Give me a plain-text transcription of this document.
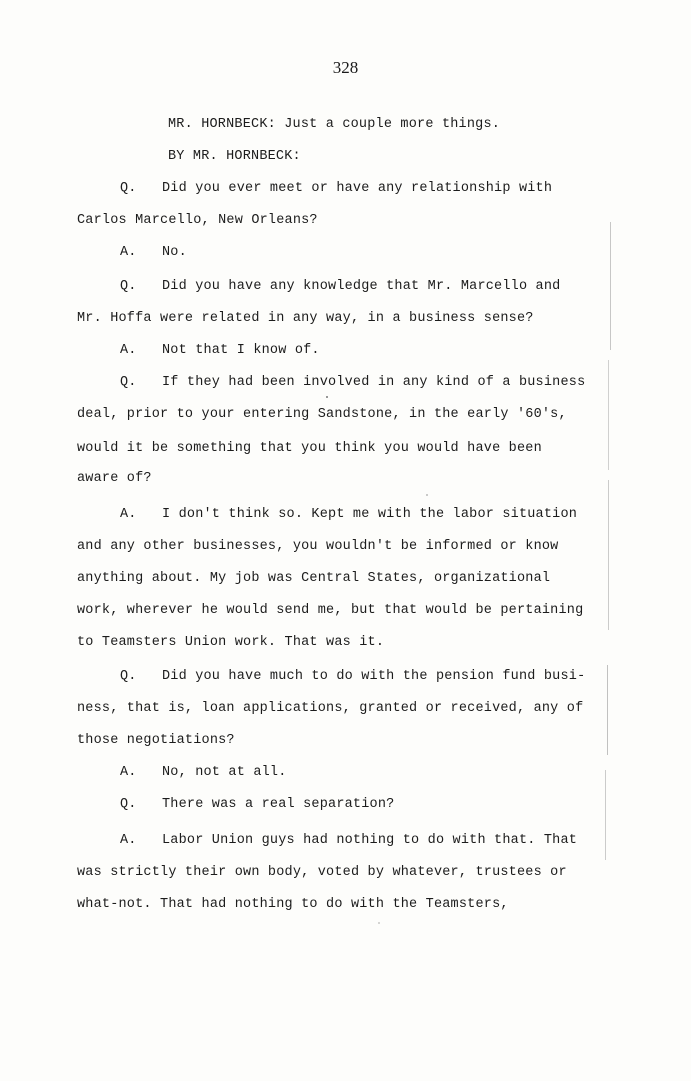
328
MR. HORNBECK: Just a couple more things.
BY MR. HORNBECK:
Q. Did you ever meet or have any relationship with
Carlos Marcello, New Orleans?
A. No.
Q. Did you have any knowledge that Mr. Marcello and
Mr. Hoffa were related in any way, in a business sense?
A. Not that I know of.
Q. If they had been involved in any kind of a business
deal, prior to your entering Sandstone, in the early '60's,
would it be something that you think you would have been
aware of?
A. I don't think so. Kept me with the labor situation
and any other businesses, you wouldn't be informed or know
anything about. My job was Central States, organizational
work, wherever he would send me, but that would be pertaining
to Teamsters Union work. That was it.
Q. Did you have much to do with the pension fund busi-
ness, that is, loan applications, granted or received, any of
those negotiations?
A. No, not at all.
Q. There was a real separation?
A. Labor Union guys had nothing to do with that. That
was strictly their own body, voted by whatever, trustees or
what-not. That had nothing to do with the Teamsters,
